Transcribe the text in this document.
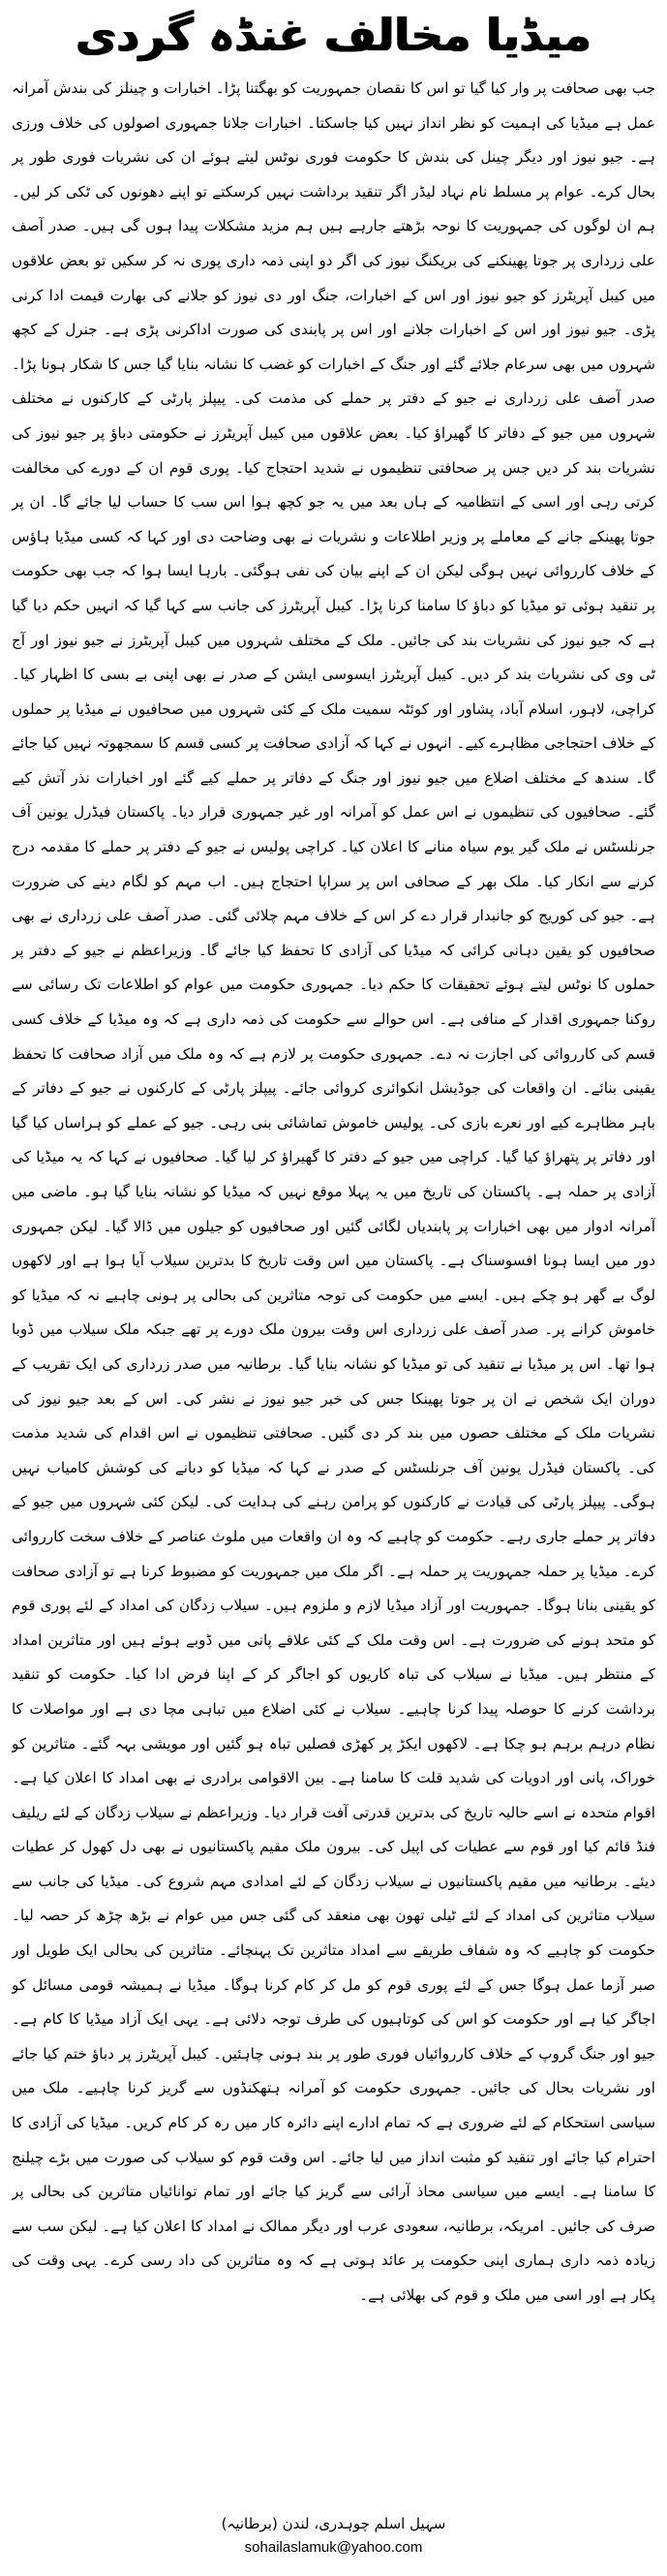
میڈیا مخالف غنڈہ گردی

جب بھی صحافت پر وار کیا گیا تو اس کا نقصان جمہوریت کو بھگتنا پڑا۔ اخبارات و چینلز کی بندش آمرانہ عمل ہے میڈیا کی اہمیت کو نظر انداز نہیں کیا جاسکتا۔ اخبارات جلانا جمہوری اصولوں کی خلاف ورزی ہے۔ جیو نیوز اور دیگر چینل کی بندش کا حکومت فوری نوٹس لیتے ہوئے ان کی نشریات فوری طور پر بحال کرے۔ عوام پر مسلط نام نہاد لیڈر اگر تنقید برداشت نہیں کرسکتے تو اپنے دھونوں کی ٹکی کر لیں۔ ہم ان لوگوں کی جمہوریت کا نوحہ بڑھتے جارہے ہیں ہم مزید مشکلات پیدا ہوں گی ہیں۔ صدر آصف علی زرداری پر جوتا پھینکنے کی بریکنگ نیوز کی اگر دو اپنی ذمہ داری پوری نہ کر سکیں تو بعض علاقوں میں کیبل آپریٹرز کو جیو نیوز اور اس کے اخبارات، جنگ اور دی نیوز کو جلانے کی بھارت قیمت ادا کرنی پڑی۔ جیو نیوز اور اس کے اخبارات جلانے اور اس پر پابندی کی صورت اداکرنی پڑی ہے۔ جنرل کے کچھ شہروں میں بھی سرعام جلائے گئے اور جنگ کے اخبارات کو غضب کا نشانہ بنایا گیا جس کا شکار ہونا پڑا۔ صدر آصف علی زرداری نے جیو کے دفتر پر حملے کی مذمت کی۔ پیپلز پارٹی کے کارکنوں نے مختلف شہروں میں جیو کے دفاتر کا گھیراؤ کیا۔ بعض علاقوں میں کیبل آپریٹرز نے حکومتی دباؤ پر جیو نیوز کی نشریات بند کر دیں جس پر صحافتی تنظیموں نے شدید احتجاج کیا۔ پوری قوم ان کے دورے کی مخالفت کرتی رہی اور اسی کے انتظامیہ کے ہاں بعد میں یہ جو کچھ ہوا اس سب کا حساب لیا جائے گا۔ ان پر جوتا پھینکے جانے کے معاملے پر وزیر اطلاعات و نشریات نے بھی وضاحت دی اور کہا کہ کسی میڈیا ہاؤس کے خلاف کارروائی نہیں ہوگی لیکن ان کے اپنے بیان کی نفی ہوگئی۔ بارہا ایسا ہوا کہ جب بھی حکومت پر تنقید ہوئی تو میڈیا کو دباؤ کا سامنا کرنا پڑا۔ کیبل آپریٹرز کی جانب سے کہا گیا کہ انہیں حکم دیا گیا ہے کہ جیو نیوز کی نشریات بند کی جائیں۔ ملک کے مختلف شہروں میں کیبل آپریٹرز نے جیو نیوز اور آج ٹی وی کی نشریات بند کر دیں۔ کیبل آپریٹرز ایسوسی ایشن کے صدر نے بھی اپنی بے بسی کا اظہار کیا۔ کراچی، لاہور، اسلام آباد، پشاور اور کوئٹہ سمیت ملک کے کئی شہروں میں صحافیوں نے میڈیا پر حملوں کے خلاف احتجاجی مظاہرے کیے۔ انہوں نے کہا کہ آزادی صحافت پر کسی قسم کا سمجھوتہ نہیں کیا جائے گا۔ سندھ کے مختلف اضلاع میں جیو نیوز اور جنگ کے دفاتر پر حملے کیے گئے اور اخبارات نذر آتش کیے گئے۔ صحافیوں کی تنظیموں نے اس عمل کو آمرانہ اور غیر جمہوری قرار دیا۔ پاکستان فیڈرل یونین آف جرنلسٹس نے ملک گیر یوم سیاہ منانے کا اعلان کیا۔ کراچی پولیس نے جیو کے دفتر پر حملے کا مقدمہ درج کرنے سے انکار کیا۔ ملک بھر کے صحافی اس پر سراپا احتجاج ہیں۔ اب مہم کو لگام دینے کی ضرورت ہے۔ جیو کی کوریج کو جانبدار قرار دے کر اس کے خلاف مہم چلائی گئی۔ صدر آصف علی زرداری نے بھی صحافیوں کو یقین دہانی کرائی کہ میڈیا کی آزادی کا تحفظ کیا جائے گا۔ وزیراعظم نے جیو کے دفتر پر حملوں کا نوٹس لیتے ہوئے تحقیقات کا حکم دیا۔ جمہوری حکومت میں عوام کو اطلاعات تک رسائی سے روکنا جمہوری اقدار کے منافی ہے۔ اس حوالے سے حکومت کی ذمہ داری ہے کہ وہ میڈیا کے خلاف کسی قسم کی کارروائی کی اجازت نہ دے۔ جمہوری حکومت پر لازم ہے کہ وہ ملک میں آزاد صحافت کا تحفظ یقینی بنائے۔ ان واقعات کی جوڈیشل انکوائری کروائی جائے۔ پیپلز پارٹی کے کارکنوں نے جیو کے دفاتر کے باہر مظاہرے کیے اور نعرے بازی کی۔ پولیس خاموش تماشائی بنی رہی۔ جیو کے عملے کو ہراساں کیا گیا اور دفاتر پر پتھراؤ کیا گیا۔ کراچی میں جیو کے دفتر کا گھیراؤ کر لیا گیا۔ صحافیوں نے کہا کہ یہ میڈیا کی آزادی پر حملہ ہے۔ پاکستان کی تاریخ میں یہ پہلا موقع نہیں کہ میڈیا کو نشانہ بنایا گیا ہو۔ ماضی میں آمرانہ ادوار میں بھی اخبارات پر پابندیاں لگائی گئیں اور صحافیوں کو جیلوں میں ڈالا گیا۔ لیکن جمہوری دور میں ایسا ہونا افسوسناک ہے۔ پاکستان میں اس وقت تاریخ کا بدترین سیلاب آیا ہوا ہے اور لاکھوں لوگ بے گھر ہو چکے ہیں۔ ایسے میں حکومت کی توجہ متاثرین کی بحالی پر ہونی چاہیے نہ کہ میڈیا کو خاموش کرانے پر۔ صدر آصف علی زرداری اس وقت بیرون ملک دورے پر تھے جبکہ ملک سیلاب میں ڈوبا ہوا تھا۔ اس پر میڈیا نے تنقید کی تو میڈیا کو نشانہ بنایا گیا۔ برطانیہ میں صدر زرداری کی ایک تقریب کے دوران ایک شخص نے ان پر جوتا پھینکا جس کی خبر جیو نیوز نے نشر کی۔ اس کے بعد جیو نیوز کی نشریات ملک کے مختلف حصوں میں بند کر دی گئیں۔ صحافتی تنظیموں نے اس اقدام کی شدید مذمت کی۔ پاکستان فیڈرل یونین آف جرنلسٹس کے صدر نے کہا کہ میڈیا کو دبانے کی کوشش کامیاب نہیں ہوگی۔ پیپلز پارٹی کی قیادت نے کارکنوں کو پرامن رہنے کی ہدایت کی۔ لیکن کئی شہروں میں جیو کے دفاتر پر حملے جاری رہے۔ حکومت کو چاہیے کہ وہ ان واقعات میں ملوث عناصر کے خلاف سخت کارروائی کرے۔ میڈیا پر حملہ جمہوریت پر حملہ ہے۔ اگر ملک میں جمہوریت کو مضبوط کرنا ہے تو آزادی صحافت کو یقینی بنانا ہوگا۔ جمہوریت اور آزاد میڈیا لازم و ملزوم ہیں۔ سیلاب زدگان کی امداد کے لئے پوری قوم کو متحد ہونے کی ضرورت ہے۔ اس وقت ملک کے کئی علاقے پانی میں ڈوبے ہوئے ہیں اور متاثرین امداد کے منتظر ہیں۔ میڈیا نے سیلاب کی تباہ کاریوں کو اجاگر کر کے اپنا فرض ادا کیا۔ حکومت کو تنقید برداشت کرنے کا حوصلہ پیدا کرنا چاہیے۔ سیلاب نے کئی اضلاع میں تباہی مچا دی ہے اور مواصلات کا نظام درہم برہم ہو چکا ہے۔ لاکھوں ایکڑ پر کھڑی فصلیں تباہ ہو گئیں اور مویشی بہہ گئے۔ متاثرین کو خوراک، پانی اور ادویات کی شدید قلت کا سامنا ہے۔ بین الاقوامی برادری نے بھی امداد کا اعلان کیا ہے۔ اقوام متحدہ نے اسے حالیہ تاریخ کی بدترین قدرتی آفت قرار دیا۔ وزیراعظم نے سیلاب زدگان کے لئے ریلیف فنڈ قائم کیا اور قوم سے عطیات کی اپیل کی۔ بیرون ملک مقیم پاکستانیوں نے بھی دل کھول کر عطیات دیئے۔ برطانیہ میں مقیم پاکستانیوں نے سیلاب زدگان کے لئے امدادی مہم شروع کی۔ میڈیا کی جانب سے سیلاب متاثرین کی امداد کے لئے ٹیلی تھون بھی منعقد کی گئی جس میں عوام نے بڑھ چڑھ کر حصہ لیا۔ حکومت کو چاہیے کہ وہ شفاف طریقے سے امداد متاثرین تک پہنچائے۔ متاثرین کی بحالی ایک طویل اور صبر آزما عمل ہوگا جس کے لئے پوری قوم کو مل کر کام کرنا ہوگا۔ میڈیا نے ہمیشہ قومی مسائل کو اجاگر کیا ہے اور حکومت کو اس کی کوتاہیوں کی طرف توجہ دلائی ہے۔ یہی ایک آزاد میڈیا کا کام ہے۔ جیو اور جنگ گروپ کے خلاف کارروائیاں فوری طور پر بند ہونی چاہئیں۔ کیبل آپریٹرز پر دباؤ ختم کیا جائے اور نشریات بحال کی جائیں۔ جمہوری حکومت کو آمرانہ ہتھکنڈوں سے گریز کرنا چاہیے۔ ملک میں سیاسی استحکام کے لئے ضروری ہے کہ تمام ادارے اپنے دائرہ کار میں رہ کر کام کریں۔ میڈیا کی آزادی کا احترام کیا جائے اور تنقید کو مثبت انداز میں لیا جائے۔ اس وقت قوم کو سیلاب کی صورت میں بڑے چیلنج کا سامنا ہے۔ ایسے میں سیاسی محاذ آرائی سے گریز کیا جائے اور تمام توانائیاں متاثرین کی بحالی پر صرف کی جائیں۔ امریکہ، برطانیہ، سعودی عرب اور دیگر ممالک نے امداد کا اعلان کیا ہے۔ لیکن سب سے زیادہ ذمہ داری ہماری اپنی حکومت پر عائد ہوتی ہے کہ وہ متاثرین کی داد رسی کرے۔ یہی وقت کی پکار ہے اور اسی میں ملک و قوم کی بھلائی ہے۔

سہیل اسلم چوہدری، لندن (برطانیہ)
sohailaslamuk@yahoo.com
